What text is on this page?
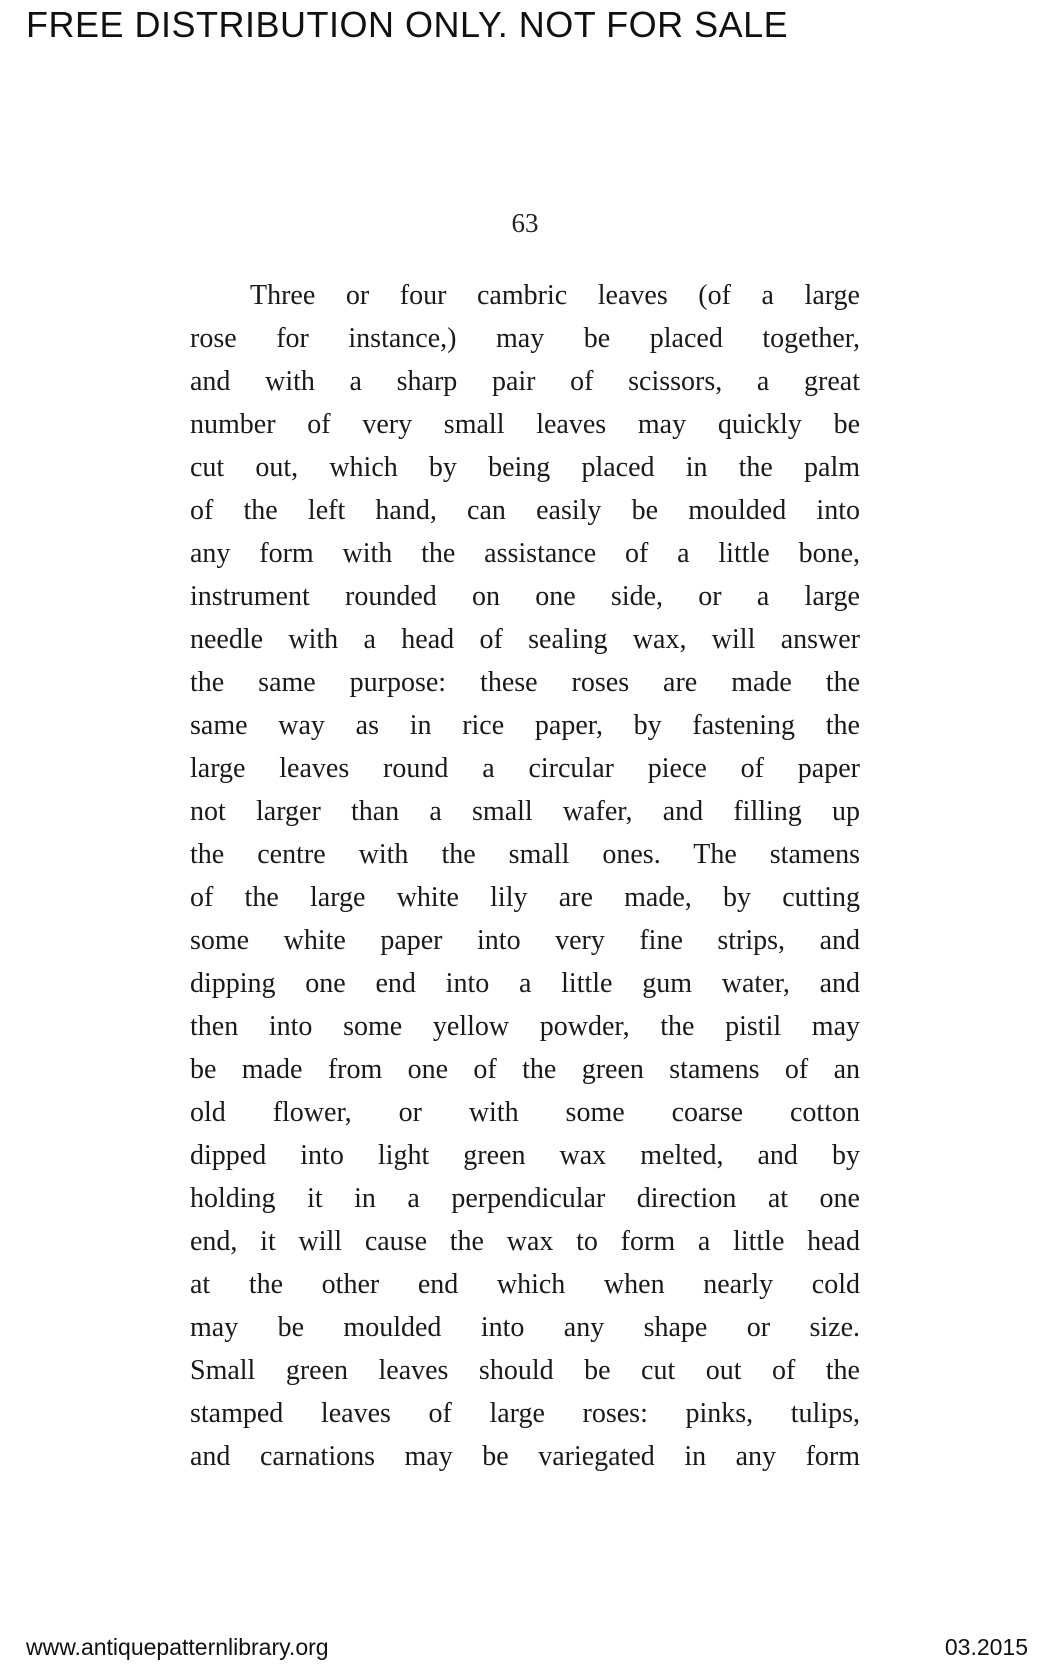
FREE DISTRIBUTION ONLY. NOT FOR SALE
63
Three or four cambric leaves (of a large
rose for instance,) may be placed together,
and with a sharp pair of scissors, a great
number of very small leaves may quickly be
cut out, which by being placed in the palm
of the left hand, can easily be moulded into
any form with the assistance of a little bone,
instrument rounded on one side, or a large
needle with a head of sealing wax, will answer
the same purpose: these roses are made the
same way as in rice paper, by fastening the
large leaves round a circular piece of paper
not larger than a small wafer, and filling up
the centre with the small ones. The stamens
of the large white lily are made, by cutting
some white paper into very fine strips, and
dipping one end into a little gum water, and
then into some yellow powder, the pistil may
be made from one of the green stamens of an
old flower, or with some coarse cotton
dipped into light green wax melted, and by
holding it in a perpendicular direction at one
end, it will cause the wax to form a little head
at the other end which when nearly cold
may be moulded into any shape or size.
Small green leaves should be cut out of the
stamped leaves of large roses: pinks, tulips,
and carnations may be variegated in any form
www.antiquepatternlibrary.org	03.2015
